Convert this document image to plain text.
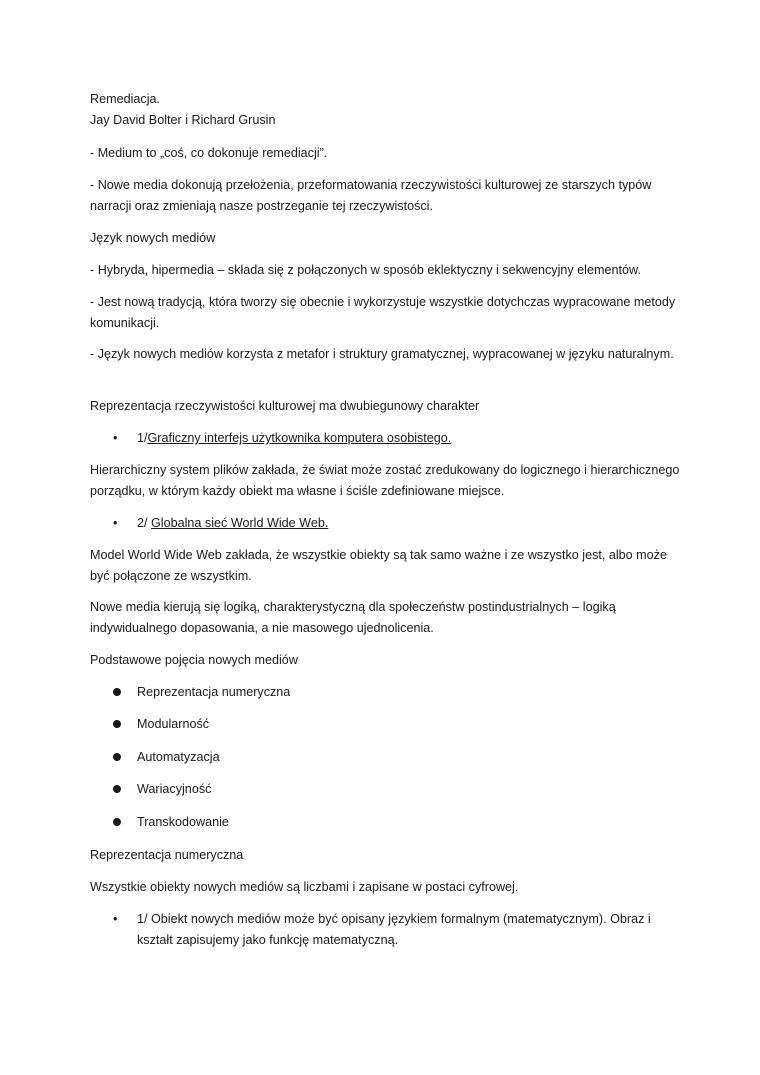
Remediacja.
Jay David Bolter i Richard Grusin

- Medium to „coś, co dokonuje remediacji”.

- Nowe media dokonują przełożenia, przeformatowania rzeczywistości kulturowej ze starszych typów narracji oraz zmieniają nasze postrzeganie tej rzeczywistości.

Język nowych mediów

- Hybryda, hipermedia – składa się z połączonych w sposób eklektyczny i sekwencyjny elementów.

- Jest nową tradycją, która tworzy się obecnie i wykorzystuje wszystkie dotychczas wypracowane metody komunikacji.

- Język nowych mediów korzysta z metafor i struktury gramatycznej, wypracowanej w języku naturalnym.

Reprezentacja rzeczywistości kulturowej ma dwubiegunowy charakter

• 1/Graficzny interfejs użytkownika komputera osobistego.

Hierarchiczny system plików zakłada, że świat może zostać zredukowany do logicznego i hierarchicznego porządku, w którym każdy obiekt ma własne i ściśle zdefiniowane miejsce.

• 2/ Globalna sieć World Wide Web.

Model World Wide Web zakłada, że wszystkie obiekty są tak samo ważne i ze wszystko jest, albo może być połączone ze wszystkim.

Nowe media kierują się logiką, charakterystyczną dla społeczeństw postindustrialnych – logiką indywidualnego dopasowania, a nie masowego ujednolicenia.

Podstawowe pojęcia nowych mediów

Reprezentacja numeryczna
Modularność
Automatyzacja
Wariacyjność
Transkodowanie

Reprezentacja numeryczna

Wszystkie obiekty nowych mediów są liczbami i zapisane w postaci cyfrowej.

• 1/ Obiekt nowych mediów może być opisany językiem formalnym (matematycznym). Obraz i kształt zapisujemy jako funkcję matematyczną.
